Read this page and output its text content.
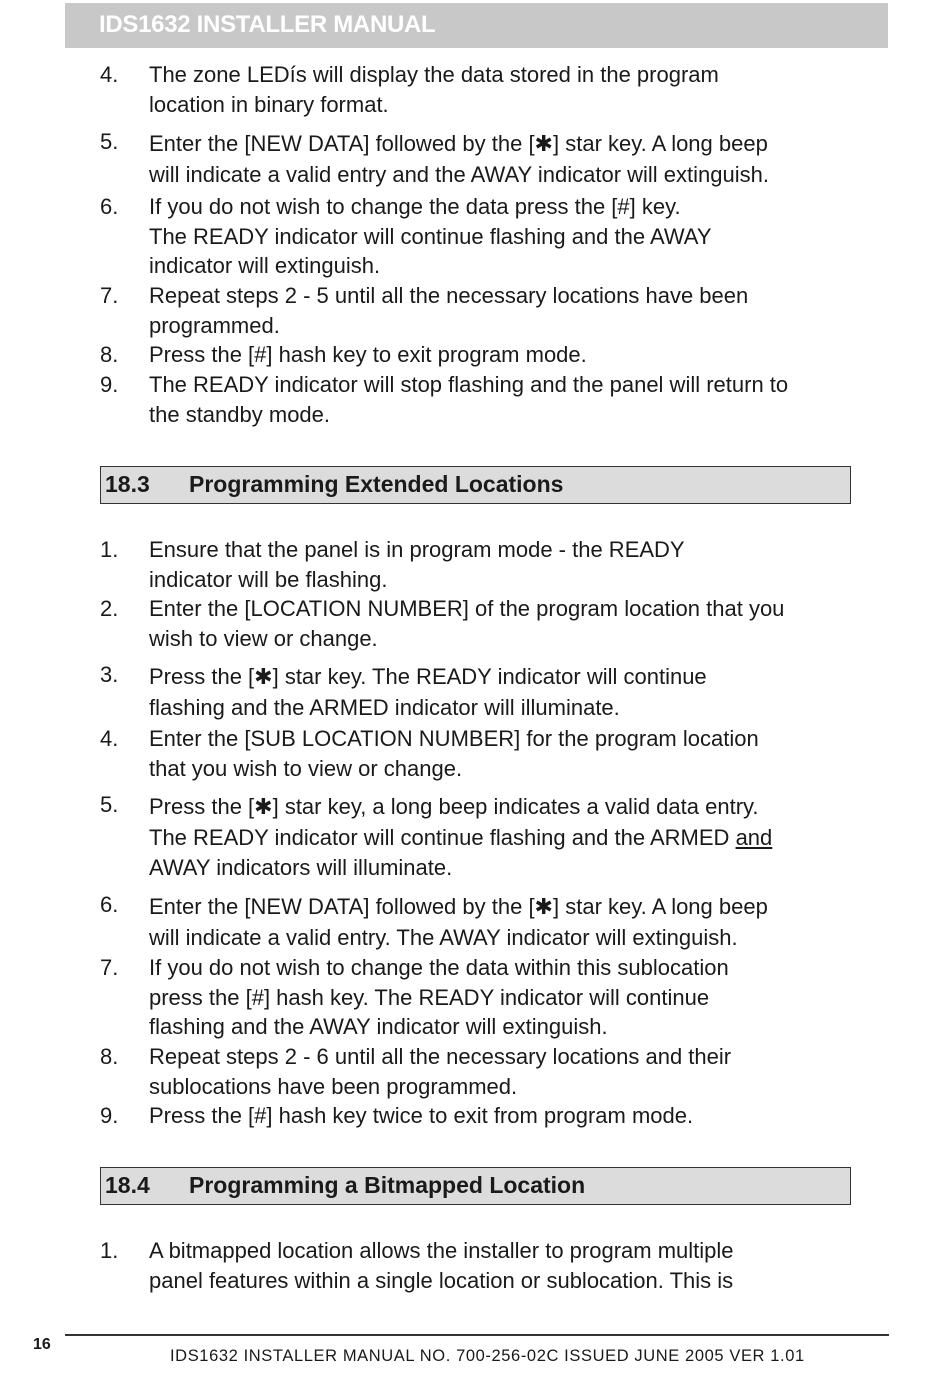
IDS1632 INSTALLER MANUAL
4. The zone LEDís will display the data stored in the program
location in binary format.
5. Enter the [NEW DATA] followed by the [✱] star key. A long beep
will indicate a valid entry and the AWAY indicator will extinguish.
6. If you do not wish to change the data press the [#] key.
The READY indicator will continue flashing and the AWAY
indicator will extinguish.
7. Repeat steps 2 - 5 until all the necessary locations have been
programmed.
8. Press the [#] hash key to exit program mode.
9. The READY indicator will stop flashing and the panel will return to
the standby mode.
18.3 Programming Extended Locations
1. Ensure that the panel is in program mode - the READY
indicator will be flashing.
2. Enter the [LOCATION NUMBER] of the program location that you
wish to view or change.
3. Press the [✱] star key. The READY indicator will continue
flashing and the ARMED indicator will illuminate.
4. Enter the [SUB LOCATION NUMBER] for the program location
that you wish to view or change.
5. Press the [✱] star key, a long beep indicates a valid data entry.
The READY indicator will continue flashing and the ARMED and
AWAY indicators will illuminate.
6. Enter the [NEW DATA] followed by the [✱] star key. A long beep
will indicate a valid entry. The AWAY indicator will extinguish.
7. If you do not wish to change the data within this sublocation
press the [#] hash key. The READY indicator will continue
flashing and the AWAY indicator will extinguish.
8. Repeat steps 2 - 6 until all the necessary locations and their
sublocations have been programmed.
9. Press the [#] hash key twice to exit from program mode.
18.4 Programming a Bitmapped Location
1. A bitmapped location allows the installer to program multiple
panel features within a single location or sublocation. This is
16
IDS1632 INSTALLER MANUAL NO. 700-256-02C ISSUED JUNE 2005 VER 1.01
